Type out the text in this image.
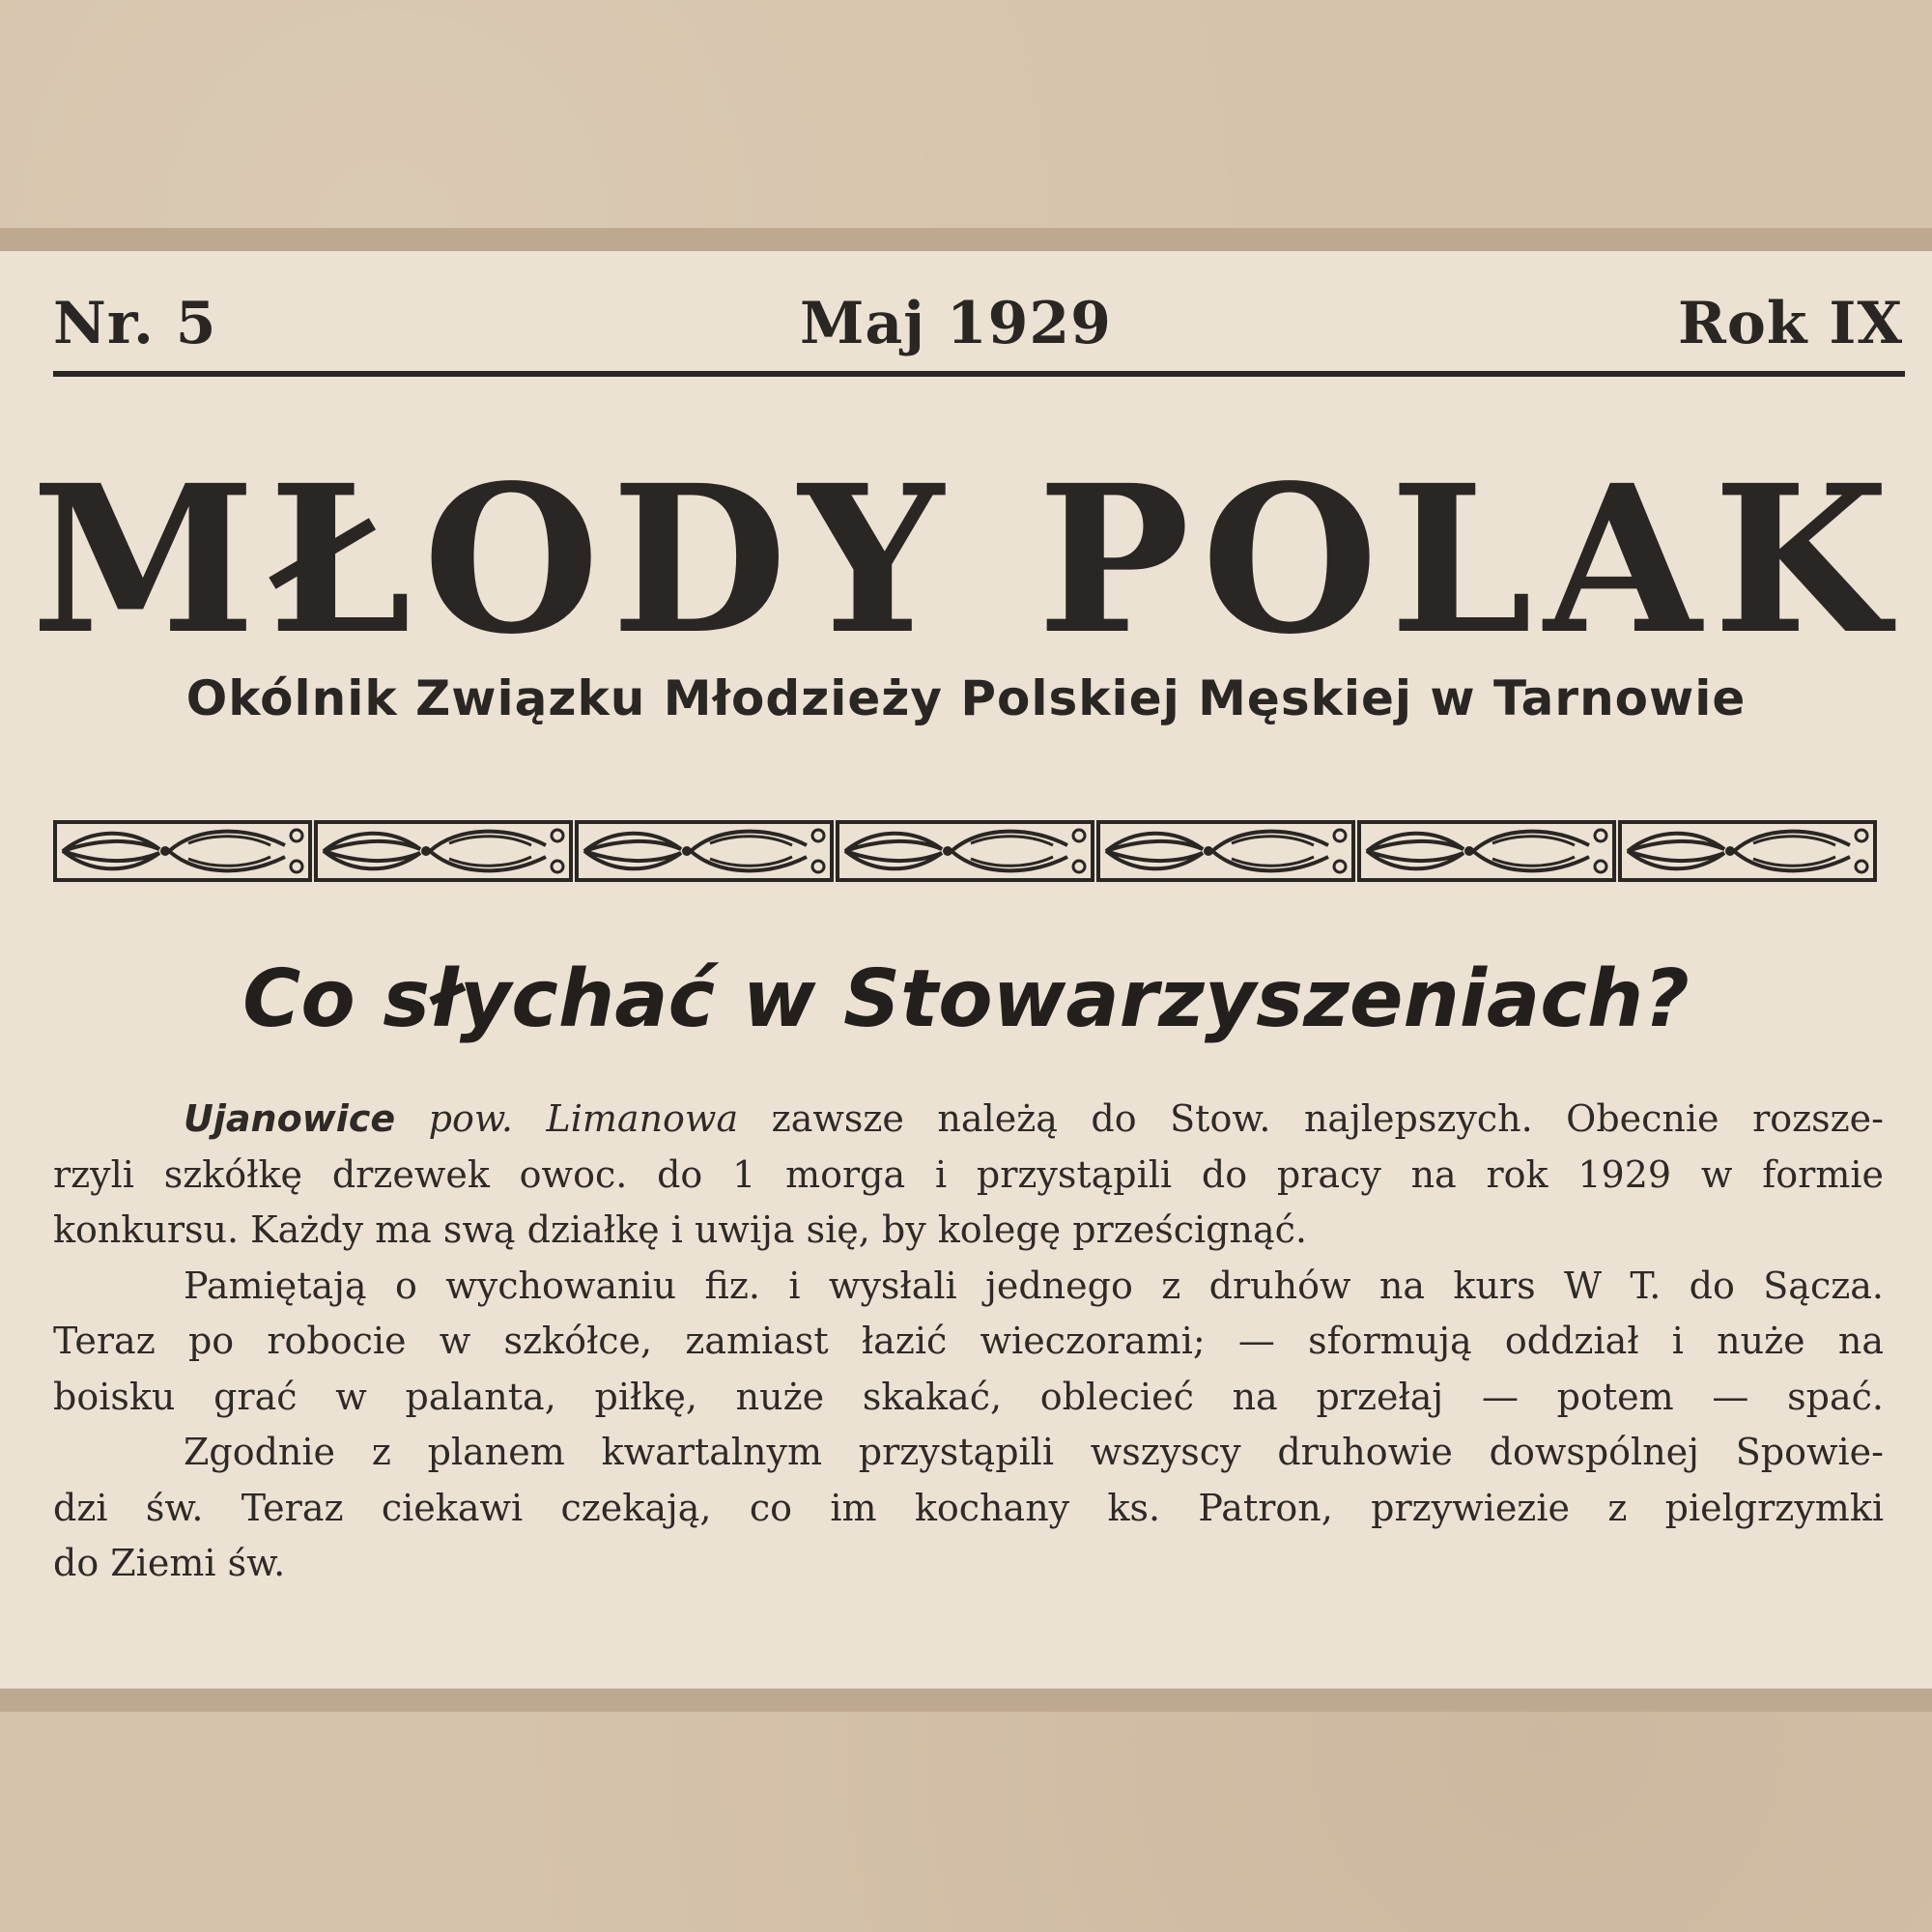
Nr. 5	Maj 1929	Rok IX
MŁODY POLAK
Okólnik Związku Młodzieży Polskiej Męskiej w Tarnowie
Co słychać w Stowarzyszeniach?
Ujanowice pow. Limanowa zawsze należą do Stow. najlepszych. Obecnie rozsze-
rzyli szkółkę drzewek owoc. do 1 morga i przystąpili do pracy na rok 1929 w formie
konkursu. Każdy ma swą działkę i uwija się, by kolegę prześcignąć.
Pamiętają o wychowaniu fiz. i wysłali jednego z druhów na kurs W T. do Sącza.
Teraz po robocie w szkółce, zamiast łazić wieczorami; — sformują oddział i nuże na
boisku grać w palanta, piłkę, nuże skakać, oblecieć na przełaj — potem — spać.
Zgodnie z planem kwartalnym przystąpili wszyscy druhowie dowspólnej Spowie-
dzi św. Teraz ciekawi czekają, co im kochany ks. Patron, przywiezie z pielgrzymki
do Ziemi św.
